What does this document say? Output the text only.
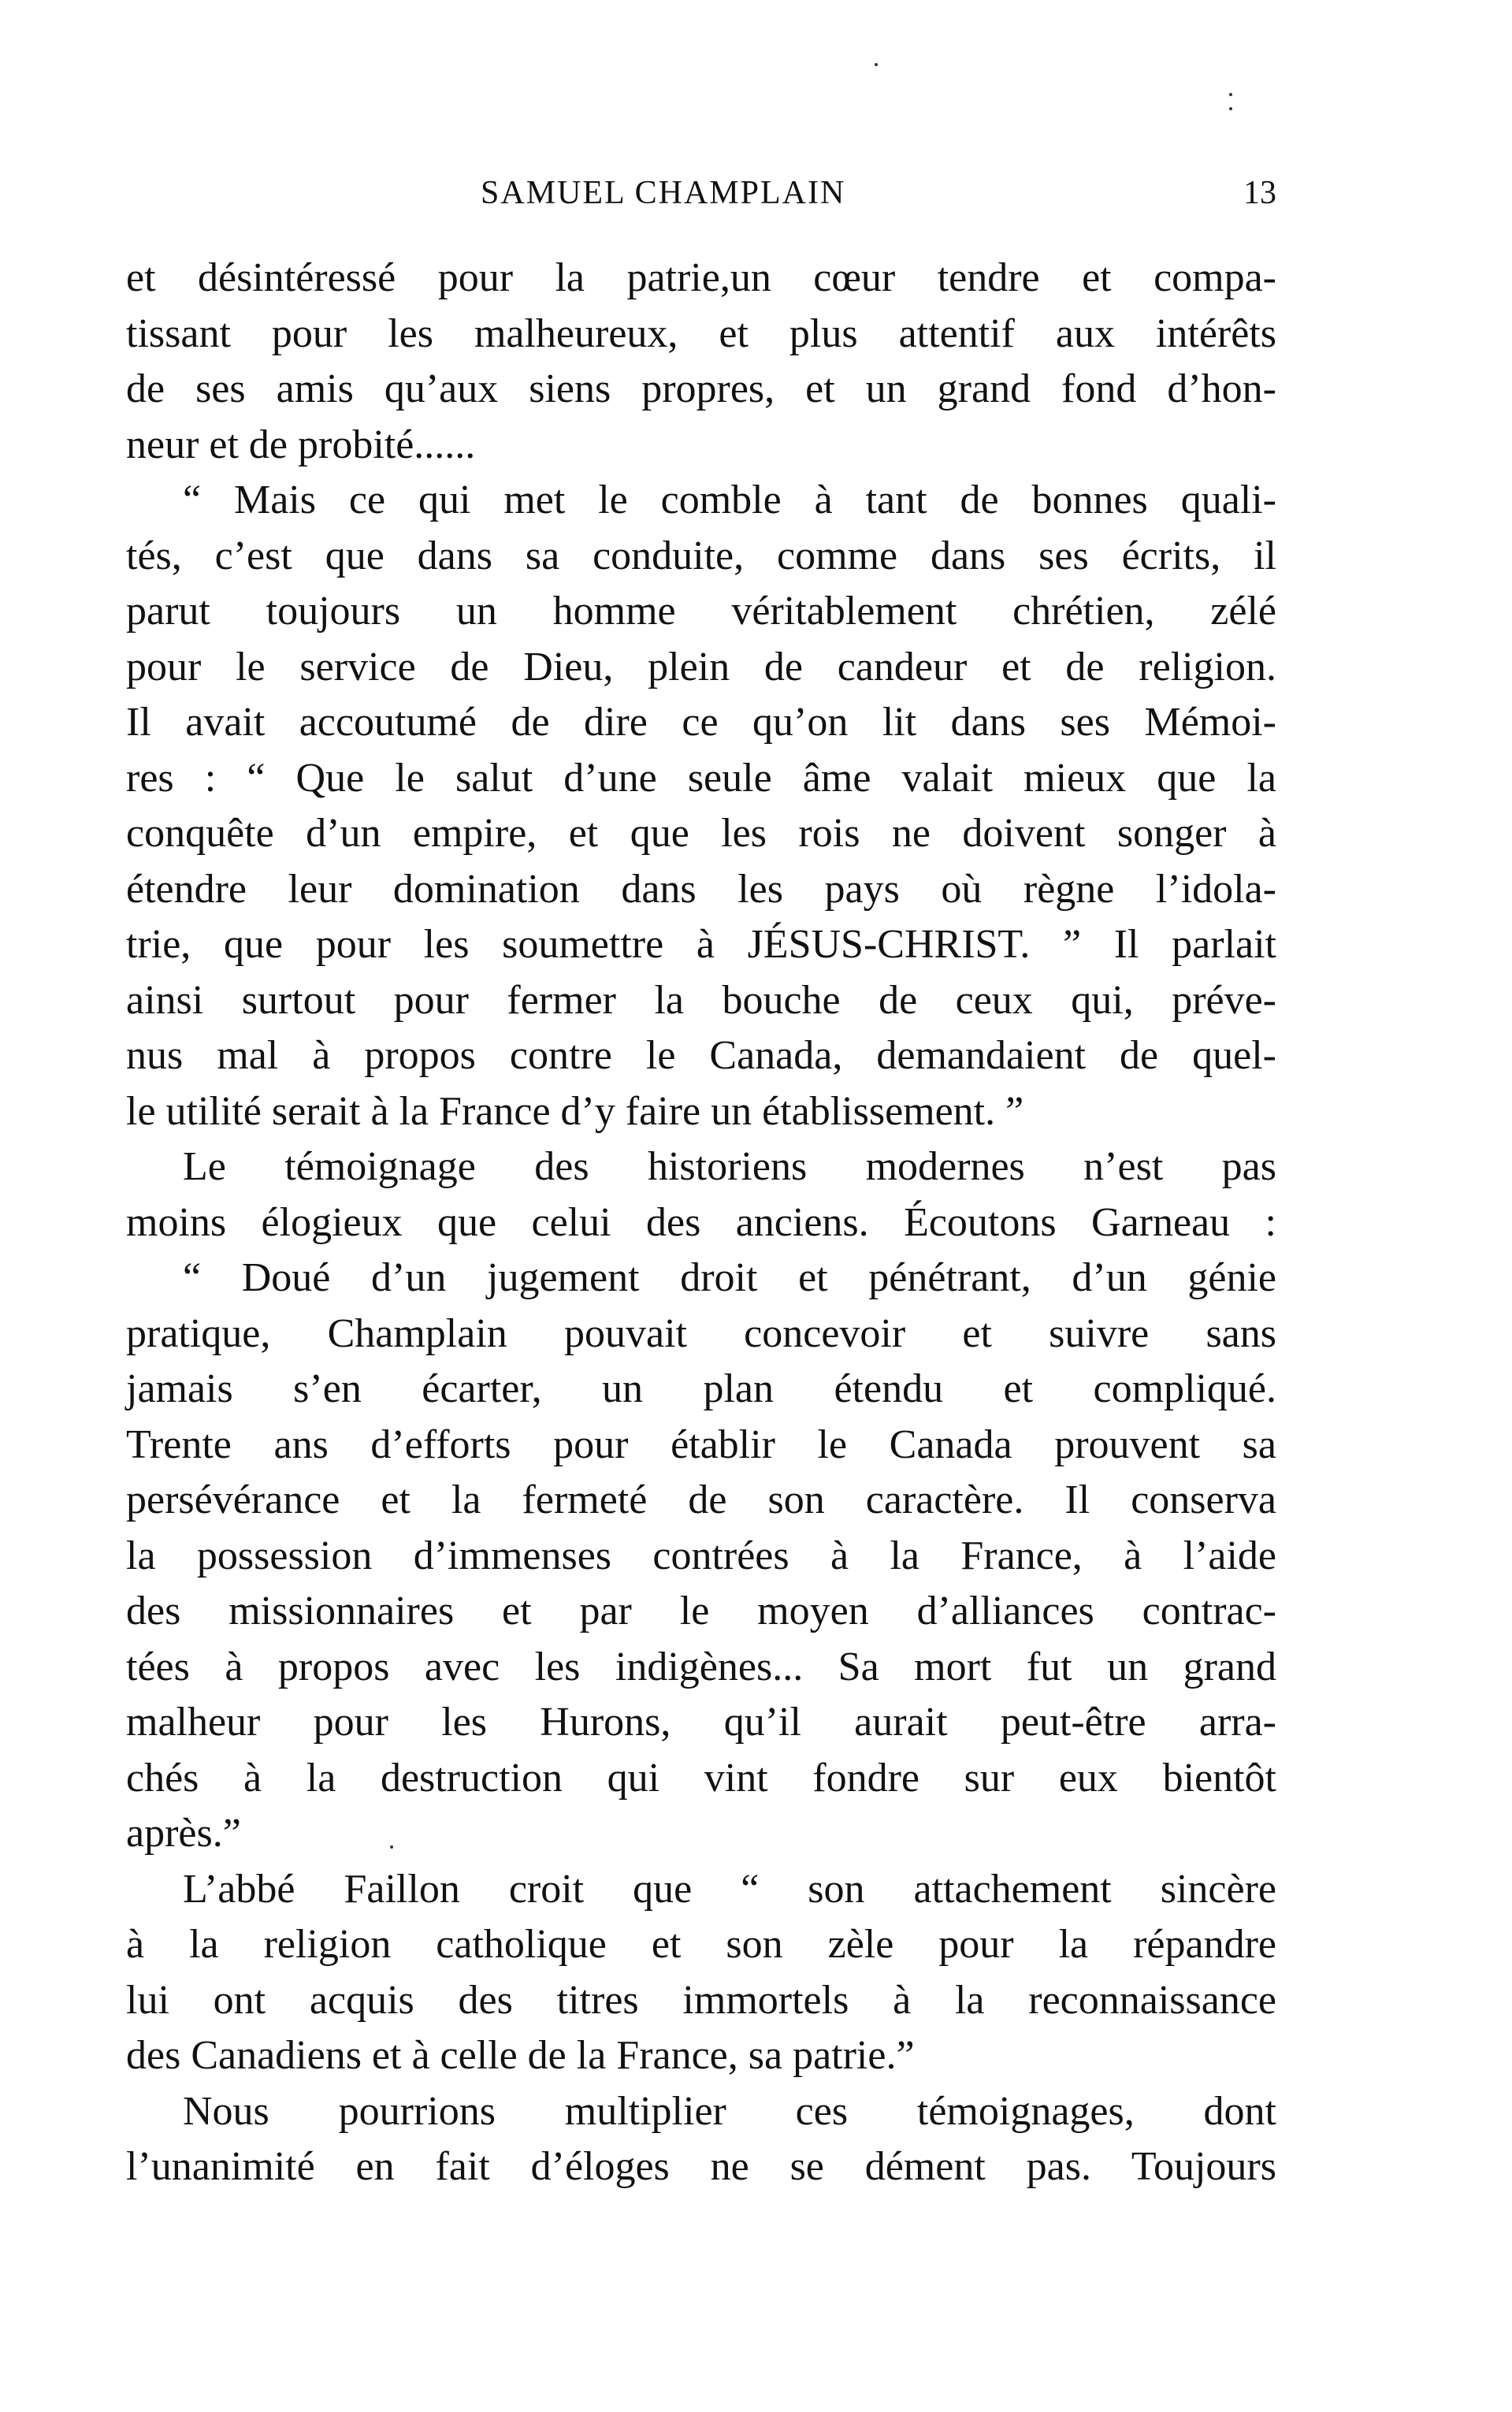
SAMUEL CHAMPLAIN	13
et désintéressé pour la patrie,un cœur tendre et compa-
tissant pour les malheureux, et plus attentif aux intérêts
de ses amis qu’aux siens propres, et un grand fond d’hon-
neur et de probité......
“ Mais ce qui met le comble à tant de bonnes quali-
tés, c’est que dans sa conduite, comme dans ses écrits, il
parut toujours un homme véritablement chrétien, zélé
pour le service de Dieu, plein de candeur et de religion.
Il avait accoutumé de dire ce qu’on lit dans ses Mémoi-
res : “ Que le salut d’une seule âme valait mieux que la
conquête d’un empire, et que les rois ne doivent songer à
étendre leur domination dans les pays où règne l’idola-
trie, que pour les soumettre à JÉSUS-CHRIST. ” Il parlait
ainsi surtout pour fermer la bouche de ceux qui, préve-
nus mal à propos contre le Canada, demandaient de quel-
le utilité serait à la France d’y faire un établissement. ”
Le témoignage des historiens modernes n’est pas
moins élogieux que celui des anciens. Écoutons Garneau :
“ Doué d’un jugement droit et pénétrant, d’un génie
pratique, Champlain pouvait concevoir et suivre sans
jamais s’en écarter, un plan étendu et compliqué.
Trente ans d’efforts pour établir le Canada prouvent sa
persévérance et la fermeté de son caractère. Il conserva
la possession d’immenses contrées à la France, à l’aide
des missionnaires et par le moyen d’alliances contrac-
tées à propos avec les indigènes... Sa mort fut un grand
malheur pour les Hurons, qu’il aurait peut-être arra-
chés à la destruction qui vint fondre sur eux bientôt
après.”
L’abbé Faillon croit que “ son attachement sincère
à la religion catholique et son zèle pour la répandre
lui ont acquis des titres immortels à la reconnaissance
des Canadiens et à celle de la France, sa patrie.”
Nous pourrions multiplier ces témoignages, dont
l’unanimité en fait d’éloges ne se dément pas. Toujours
